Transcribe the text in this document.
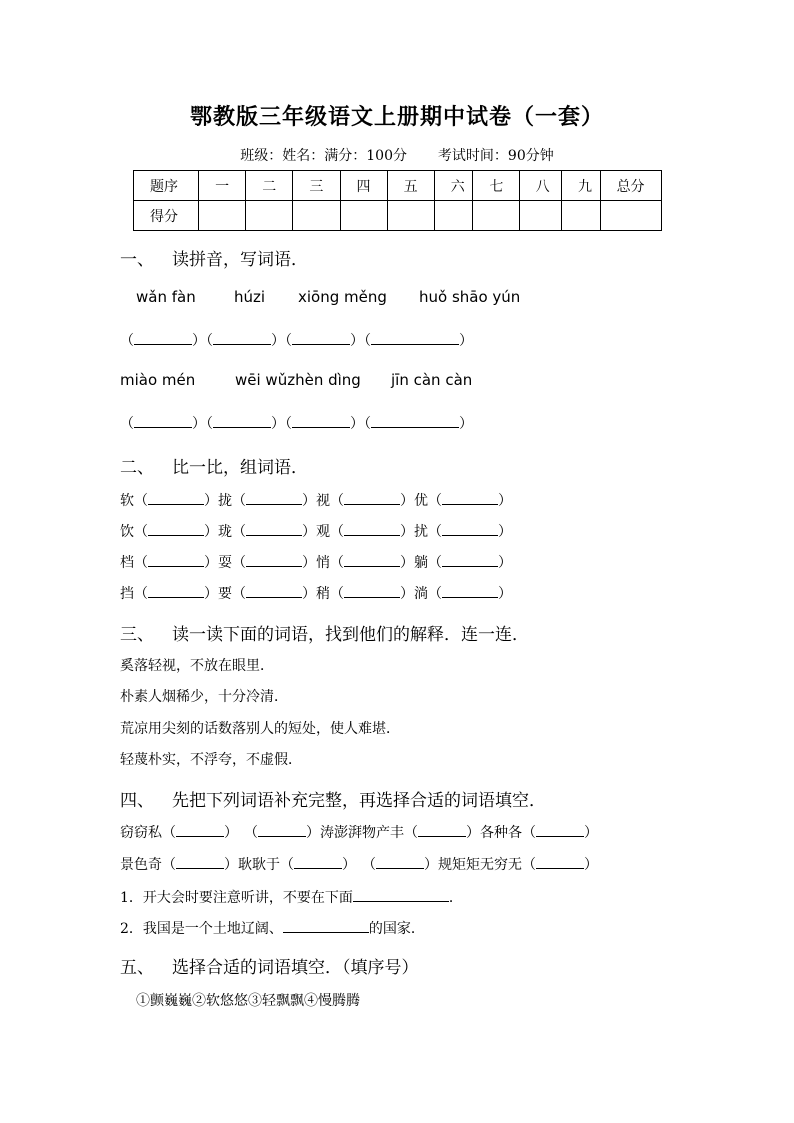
鄂教版三年级语文上册期中试卷（一套）
班级：姓名：满分：100分 考试时间：90分钟
题序	一	二	三	四	五	六	七	八	九	总分
得分										
一、 读拼音，写词语．
wǎn fàn	húzi xiōng měng huǒ shāo yún
（	）（	）（	）（	）
miào mén	wēi wǔzhèn dìng jīn càn càn
（	）（	）（	）（	）
二、 比一比，组词语．
软（	）拢（	）视（	）优（	）
饮（	）珑（	）观（	）扰（	）
档（	）耍（	）悄（	）躺（	）
挡（	）要（	）稍（	）淌（	）
三、 读一读下面的词语，找到他们的解释．连一连．
奚落轻视，不放在眼里．
朴素人烟稀少，十分冷清．
荒凉用尖刻的话数落别人的短处，使人难堪．
轻蔑朴实，不浮夸，不虚假．
四、 先把下列词语补充完整，再选择合适的词语填空．
窃窃私（	） （	）涛澎湃物产丰（	）各种各（	）
景色奇（	）耿耿于（	） （	）规矩矩无穷无（	）
1．开大会时要注意听讲，不要在下面	．
2．我国是一个土地辽阔、	的国家．
五、 选择合适的词语填空．（填序号）
①颤巍巍②软悠悠③轻飘飘④慢腾腾
